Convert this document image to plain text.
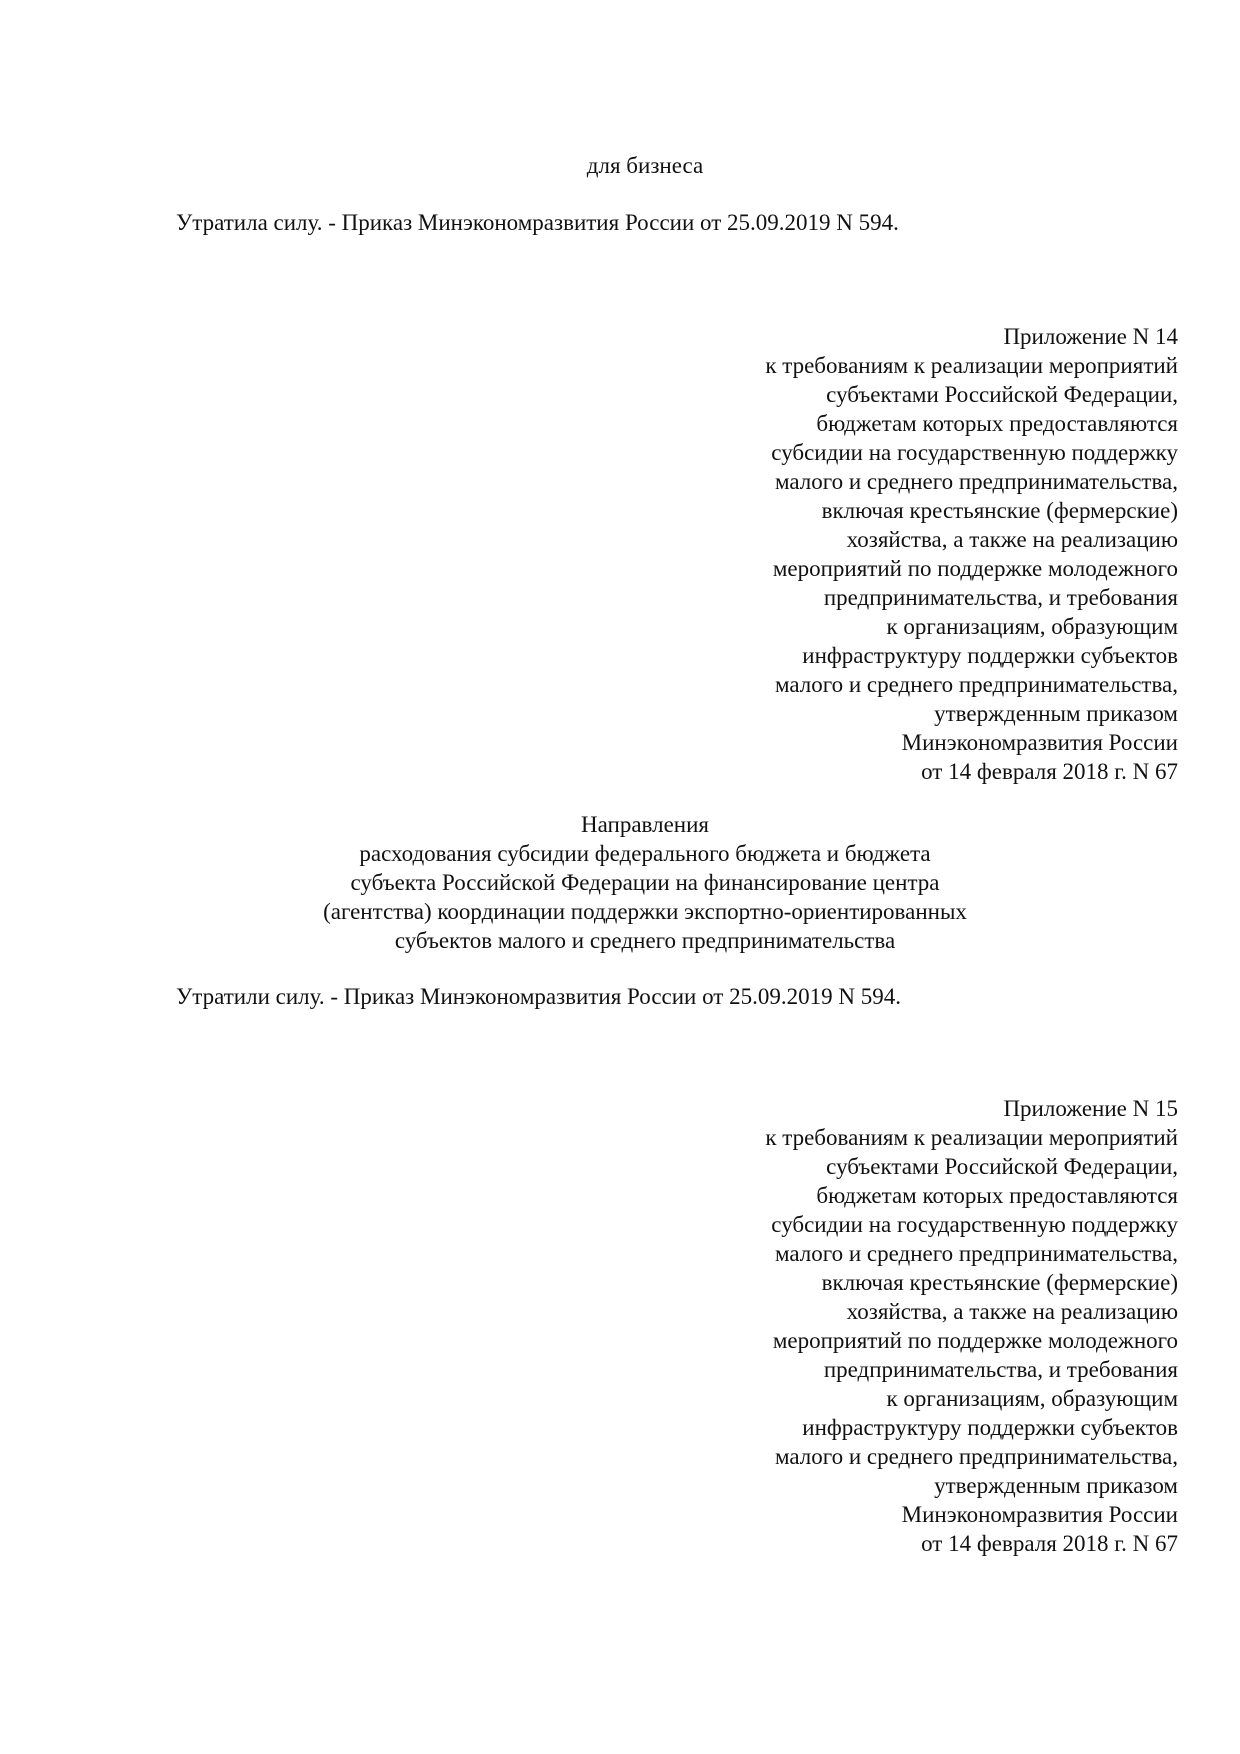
для бизнеса
Утратила силу. - Приказ Минэкономразвития России от 25.09.2019 N 594.
Приложение N 14
к требованиям к реализации мероприятий
субъектами Российской Федерации,
бюджетам которых предоставляются
субсидии на государственную поддержку
малого и среднего предпринимательства,
включая крестьянские (фермерские)
хозяйства, а также на реализацию
мероприятий по поддержке молодежного
предпринимательства, и требования
к организациям, образующим
инфраструктуру поддержки субъектов
малого и среднего предпринимательства,
утвержденным приказом
Минэкономразвития России
от 14 февраля 2018 г. N 67
Направления
расходования субсидии федерального бюджета и бюджета
субъекта Российской Федерации на финансирование центра
(агентства) координации поддержки экспортно-ориентированных
субъектов малого и среднего предпринимательства
Утратили силу. - Приказ Минэкономразвития России от 25.09.2019 N 594.
Приложение N 15
к требованиям к реализации мероприятий
субъектами Российской Федерации,
бюджетам которых предоставляются
субсидии на государственную поддержку
малого и среднего предпринимательства,
включая крестьянские (фермерские)
хозяйства, а также на реализацию
мероприятий по поддержке молодежного
предпринимательства, и требования
к организациям, образующим
инфраструктуру поддержки субъектов
малого и среднего предпринимательства,
утвержденным приказом
Минэкономразвития России
от 14 февраля 2018 г. N 67
